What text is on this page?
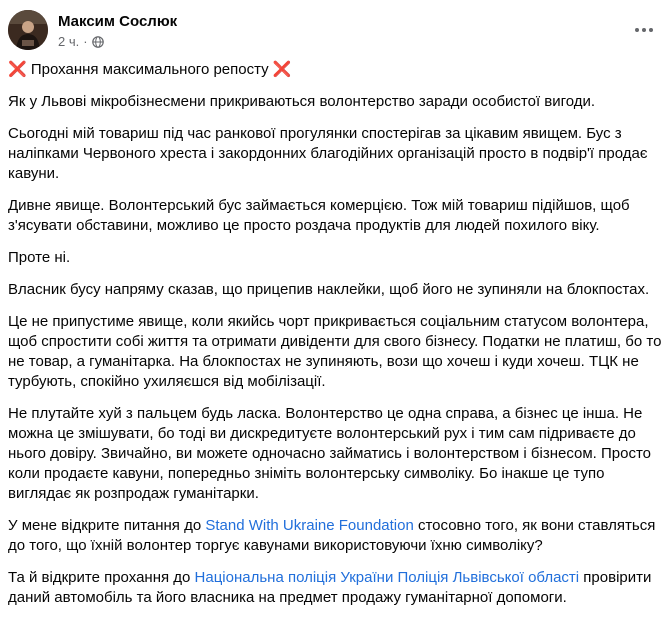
Максим Сослюк
2 ч. ·

❌ Прохання максимального репосту ❌

Як у Львові мікробізнесмени прикриваються волонтерство заради особистої вигоди.

Сьогодні мій товариш під час ранкової прогулянки спостерігав за цікавим явищем. Бус з наліпками Червоного хреста і закордонних благодійних організацій просто в подвір'ї продає кавуни.

Дивне явище. Волонтерський бус займається комерцією. Тож мій товариш підійшов, щоб з'ясувати обставини, можливо це просто роздача продуктів для людей похилого віку.

Проте ні.

Власник бусу напряму сказав, що прицепив наклейки, щоб його не зупиняли на блокпостах.

Це не припустиме явище, коли якийсь чорт прикривається соціальним статусом волонтера, щоб спростити собі життя та отримати дивіденти для свого бізнесу. Податки не платиш, бо то не товар, а гуманітарка. На блокпостах не зупиняють, вози що хочеш і куди хочеш. ТЦК не турбують, спокійно ухиляєшся від мобілізації.

Не плутайте хуй з пальцем будь ласка. Волонтерство це одна справа, а бізнес це інша. Не можна це змішувати, бо тоді ви дискредитуєте волонтерський рух і тим сам підриваєте до нього довіру. Звичайно, ви можете одночасно займатись і волонтерством і бізнесом. Просто коли продаєте кавуни, попередньо зніміть волонтерську символіку. Бо інакше це тупо виглядає як розпродаж гуманітарки.

У мене відкрите питання до Stand With Ukraine Foundation стосовно того, як вони ставляться до того, що їхній волонтер торгує кавунами використовуючи їхню символіку?

Та й відкрите прохання до Національна поліція України Поліція Львівської області провірити даний автомобіль та його власника на предмет продажу гуманітарної допомоги.
